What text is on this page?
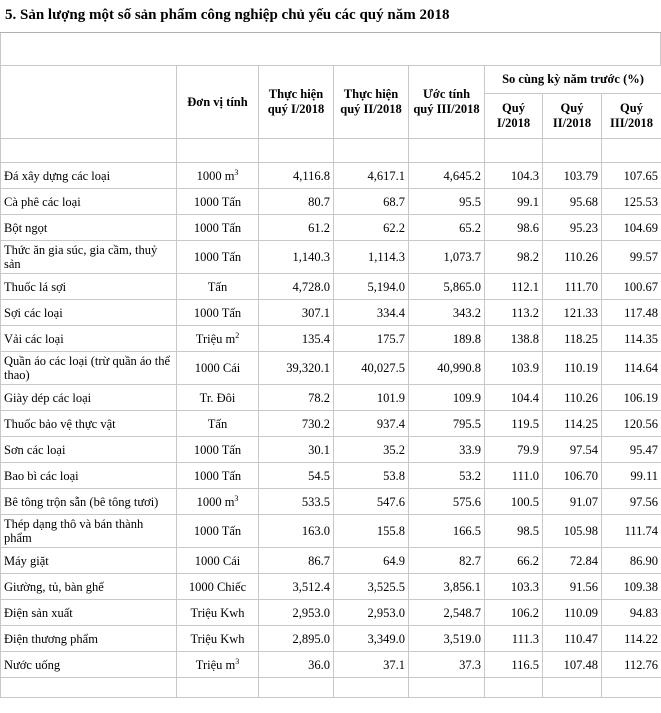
5. Sản lượng một số sản phẩm công nghiệp chủ yếu các quý năm 2018
	Đơn vị tính	Thực hiện quý I/2018	Thực hiện quý II/2018	Ước tính quý III/2018	So cùng kỳ năm trước (%)		
					Quý I/2018	Quý II/2018	Quý III/2018

Đá xây dựng các loại	1000 $m^3$	4,116.8	4,617.1	4,645.2	104.3	103.79	107.65
Cà phê các loại	1000 Tấn	80.7	68.7	95.5	99.1	95.68	125.53
Bột ngọt	1000 Tấn	61.2	62.2	65.2	98.6	95.23	104.69
Thức ăn gia súc, gia cầm, thuỷ sản	1000 Tấn	1,140.3	1,114.3	1,073.7	98.2	110.26	99.57
Thuốc lá sợi	Tấn	4,728.0	5,194.0	5,865.0	112.1	111.70	100.67
Sợi các loại	1000 Tấn	307.1	334.4	343.2	113.2	121.33	117.48
Vải các loại	Triệu $m^2$	135.4	175.7	189.8	138.8	118.25	114.35
Quần áo các loại (trừ quần áo thể thao)	1000 Cái	39,320.1	40,027.5	40,990.8	103.9	110.19	114.64
Giày dép các loại	Tr. Đôi	78.2	101.9	109.9	104.4	110.26	106.19
Thuốc bảo vệ thực vật	Tấn	730.2	937.4	795.5	119.5	114.25	120.56
Sơn các loại	1000 Tấn	30.1	35.2	33.9	79.9	97.54	95.47
Bao bì các loại	1000 Tấn	54.5	53.8	53.2	111.0	106.70	99.11
Bê tông trộn sẵn (bê tông tươi)	1000 $m^3$	533.5	547.6	575.6	100.5	91.07	97.56
Thép dạng thô và bán thành phẩm	1000 Tấn	163.0	155.8	166.5	98.5	105.98	111.74
Máy giặt	1000 Cái	86.7	64.9	82.7	66.2	72.84	86.90
Giường, tủ, bàn ghế	1000 Chiếc	3,512.4	3,525.5	3,856.1	103.3	91.56	109.38
Điện sản xuất	Triệu Kwh	2,953.0	2,953.0	2,548.7	106.2	110.09	94.83
Điện thương phẩm	Triệu Kwh	2,895.0	3,349.0	3,519.0	111.3	110.47	114.22
Nước uống	Triệu $m^3$	36.0	37.1	37.3	116.5	107.48	112.76
